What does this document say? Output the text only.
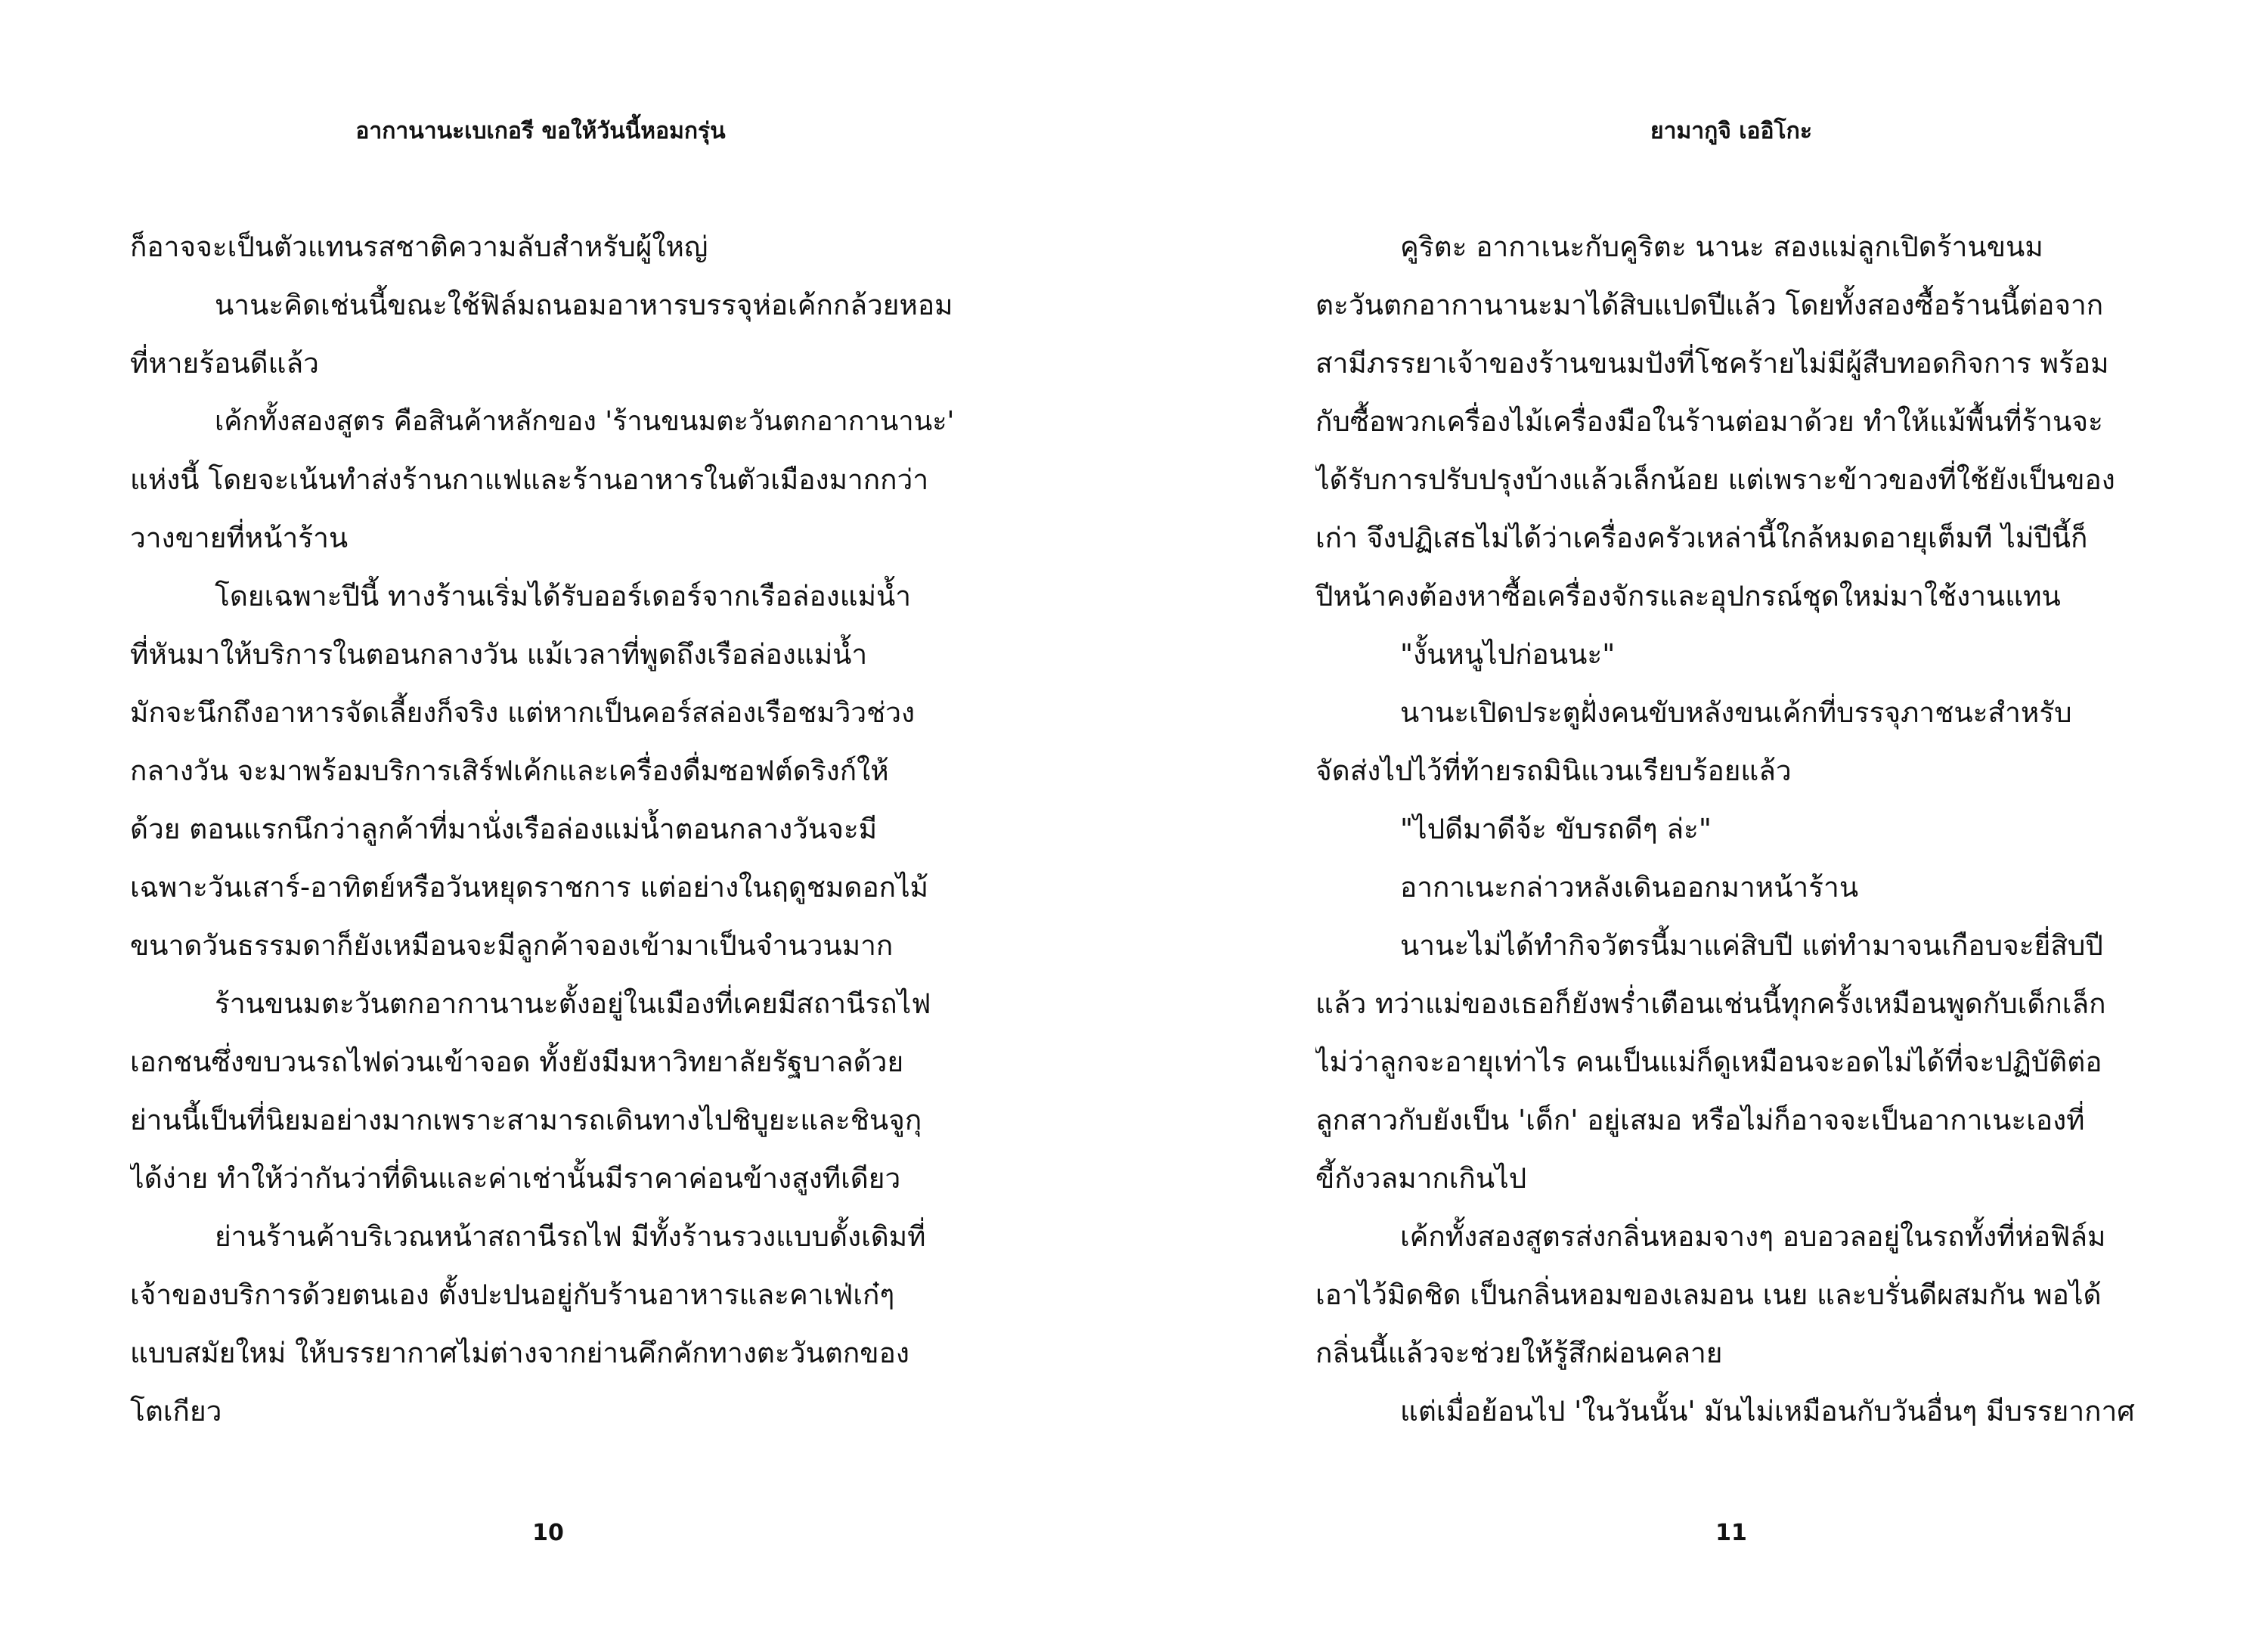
อากานานะเบเกอรี ขอให้วันนี้หอมกรุ่น
ก็อาจจะเป็นตัวแทนรสชาติความลับสำหรับผู้ใหญ่
นานะคิดเช่นนี้ขณะใช้ฟิล์มถนอมอาหารบรรจุห่อเค้กกล้วยหอม
ที่หายร้อนดีแล้ว
เค้กทั้งสองสูตร คือสินค้าหลักของ 'ร้านขนมตะวันตกอากานานะ'
แห่งนี้ โดยจะเน้นทำส่งร้านกาแฟและร้านอาหารในตัวเมืองมากกว่า
วางขายที่หน้าร้าน
โดยเฉพาะปีนี้ ทางร้านเริ่มได้รับออร์เดอร์จากเรือล่องแม่น้ำ
ที่หันมาให้บริการในตอนกลางวัน แม้เวลาที่พูดถึงเรือล่องแม่น้ำ
มักจะนึกถึงอาหารจัดเลี้ยงก็จริง แต่หากเป็นคอร์สล่องเรือชมวิวช่วง
กลางวัน จะมาพร้อมบริการเสิร์ฟเค้กและเครื่องดื่มซอฟต์ดริงก์ให้
ด้วย ตอนแรกนึกว่าลูกค้าที่มานั่งเรือล่องแม่น้ำตอนกลางวันจะมี
เฉพาะวันเสาร์-อาทิตย์หรือวันหยุดราชการ แต่อย่างในฤดูชมดอกไม้
ขนาดวันธรรมดาก็ยังเหมือนจะมีลูกค้าจองเข้ามาเป็นจำนวนมาก
ร้านขนมตะวันตกอากานานะตั้งอยู่ในเมืองที่เคยมีสถานีรถไฟ
เอกชนซึ่งขบวนรถไฟด่วนเข้าจอด ทั้งยังมีมหาวิทยาลัยรัฐบาลด้วย
ย่านนี้เป็นที่นิยมอย่างมากเพราะสามารถเดินทางไปชิบูยะและชินจูกุ
ได้ง่าย ทำให้ว่ากันว่าที่ดินและค่าเช่านั้นมีราคาค่อนข้างสูงทีเดียว
ย่านร้านค้าบริเวณหน้าสถานีรถไฟ มีทั้งร้านรวงแบบดั้งเดิมที่
เจ้าของบริการด้วยตนเอง ตั้งปะปนอยู่กับร้านอาหารและคาเฟ่เก๋ๆ
แบบสมัยใหม่ ให้บรรยากาศไม่ต่างจากย่านคึกคักทางตะวันตกของ
โตเกียว
10
ยามากูจิ เออิโกะ
คูริตะ อากาเนะกับคูริตะ นานะ สองแม่ลูกเปิดร้านขนม
ตะวันตกอากานานะมาได้สิบแปดปีแล้ว โดยทั้งสองซื้อร้านนี้ต่อจาก
สามีภรรยาเจ้าของร้านขนมปังที่โชคร้ายไม่มีผู้สืบทอดกิจการ พร้อม
กับซื้อพวกเครื่องไม้เครื่องมือในร้านต่อมาด้วย ทำให้แม้พื้นที่ร้านจะ
ได้รับการปรับปรุงบ้างแล้วเล็กน้อย แต่เพราะข้าวของที่ใช้ยังเป็นของ
เก่า จึงปฏิเสธไม่ได้ว่าเครื่องครัวเหล่านี้ใกล้หมดอายุเต็มที ไม่ปีนี้ก็
ปีหน้าคงต้องหาซื้อเครื่องจักรและอุปกรณ์ชุดใหม่มาใช้งานแทน
"งั้นหนูไปก่อนนะ"
นานะเปิดประตูฝั่งคนขับหลังขนเค้กที่บรรจุภาชนะสำหรับ
จัดส่งไปไว้ที่ท้ายรถมินิแวนเรียบร้อยแล้ว
"ไปดีมาดีจ้ะ ขับรถดีๆ ล่ะ"
อากาเนะกล่าวหลังเดินออกมาหน้าร้าน
นานะไม่ได้ทำกิจวัตรนี้มาแค่สิบปี แต่ทำมาจนเกือบจะยี่สิบปี
แล้ว ทว่าแม่ของเธอก็ยังพร่ำเตือนเช่นนี้ทุกครั้งเหมือนพูดกับเด็กเล็ก
ไม่ว่าลูกจะอายุเท่าไร คนเป็นแม่ก็ดูเหมือนจะอดไม่ได้ที่จะปฏิบัติต่อ
ลูกสาวกับยังเป็น 'เด็ก' อยู่เสมอ หรือไม่ก็อาจจะเป็นอากาเนะเองที่
ขี้กังวลมากเกินไป
เค้กทั้งสองสูตรส่งกลิ่นหอมจางๆ อบอวลอยู่ในรถทั้งที่ห่อฟิล์ม
เอาไว้มิดชิด เป็นกลิ่นหอมของเลมอน เนย และบรั่นดีผสมกัน พอได้
กลิ่นนี้แล้วจะช่วยให้รู้สึกผ่อนคลาย
แต่เมื่อย้อนไป 'ในวันนั้น' มันไม่เหมือนกับวันอื่นๆ มีบรรยากาศ
11
